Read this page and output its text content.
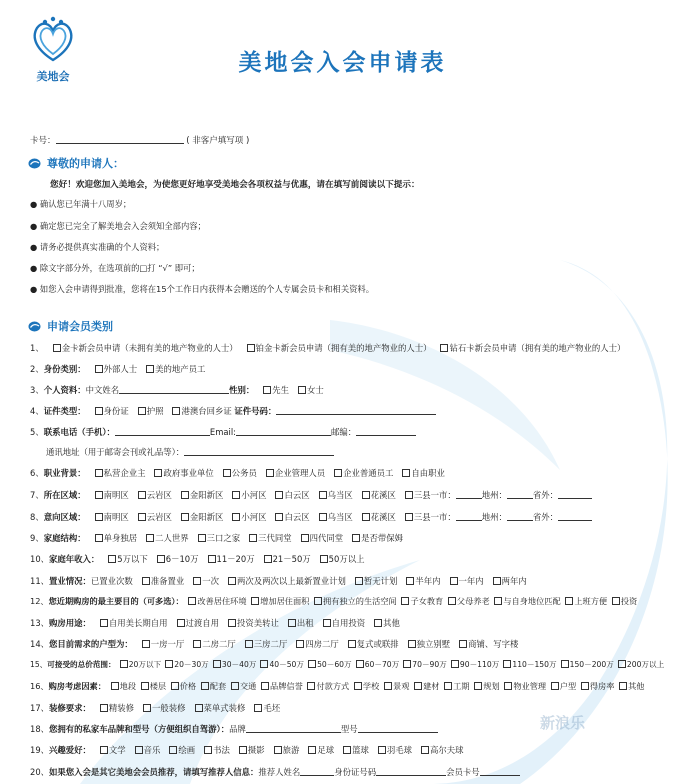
美地会
美地会入会申请表
卡号：	( 非客户填写项 )
尊敬的申请人：
您好！欢迎您加入美地会，为使您更好地享受美地会各项权益与优惠，请在填写前阅读以下提示：
● 确认您已年满十八周岁；
● 确定您已完全了解美地会入会须知全部内容；
● 请务必提供真实准确的个人资料；
● 除文字部分外，在选项前的□打 “√” 即可；
● 如您入会申请得到批准，您将在15个工作日内获得本会赠送的个人专属会员卡和相关资料。
申请会员类别
1、 金卡新会员申请（未拥有美的地产物业的人士） 铂金卡新会员申请（拥有美的地产物业的人士） 钻石卡新会员申请（拥有美的地产物业的人士）
2、身份类别： 外部人士 美的地产员工
3、个人资料：中文姓名	性别： 先生 女士
4、证件类型： 身份证 护照 港澳台回乡证 证件号码：
5、联系电话（手机）：	Email:	邮编：
通讯地址（用于邮寄会刊或礼品等）：
6、职业背景： 私营企业主 政府事业单位 公务员 企业管理人员 企业普通员工 自由职业
7、所在区域： 南明区 云岩区 金阳新区 小河区 白云区 乌当区 花溪区 三县一市：	地州：	省外：
8、意向区域： 南明区 云岩区 金阳新区 小河区 白云区 乌当区 花溪区 三县一市：	地州：	省外：
9、家庭结构： 单身独居 二人世界 三口之家 三代同堂 四代同堂 是否带保姆
10、家庭年收入： 5万以下 6－10万 11－20万 21－50万 50万以上
11、置业情况：已置业次数 准备置业 一次 两次及两次以上最新置业计划 暂无计划 半年内 一年内 两年内
12、您近期购房的最主要目的（可多选）： 改善居住环境 增加居住面积 拥有独立的生活空间 子女教育 父母养老 与自身地位匹配 上班方便 投资
13、购房用途： 自用美长期自用 过渡自用 投资美转让 出租 自用投资 其他
14、您目前需求的户型为： 一房一厅 二房二厅 三房二厅 四房二厅 复式或联排 独立别墅 商铺、写字楼
15、可接受的总价范围： 20万以下 20－30万 30－40万 40－50万 50－60万 60－70万 70－90万 90－110万 110－150万 150－200万 200万以上
16、购房考虑因素： 地段 楼层 价格 配套 交通 品牌信誉 付款方式 学校 景观 建材 工期 规划 物业管理 户型 得房率 其他
17、装修要求： 精装修 一般装修 菜单式装修 毛坯
18、您拥有的私家车品牌和型号（方便组织自驾游）：品牌	型号
19、兴趣爱好： 文学 音乐 绘画 书法 摄影 旅游 足球 篮球 羽毛球 高尔夫球
20、如果您入会是其它美地会会员推荐，请填写推荐人信息：推荐人姓名	身份证号码	会员卡号
新浪乐
